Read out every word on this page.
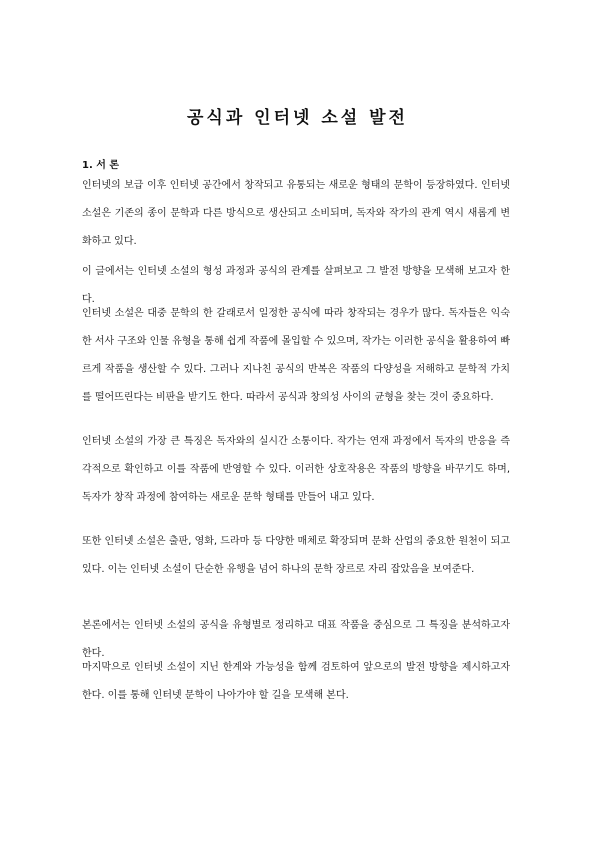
공식과 인터넷 소설 발전
1. 서 론

인터넷의 보급 이후 인터넷 공간에서 창작되고 유통되는 새로운 형태의 문학이 등장하였다. 인터넷 소설은 기존의 종이 문학과 다른 방식으로 생산되고 소비되며, 독자와 작가의 관계 역시 새롭게 변화하고 있다.

이 글에서는 인터넷 소설의 형성 과정과 공식의 관계를 살펴보고 그 발전 방향을 모색해 보고자 한다.

인터넷 소설은 대중 문학의 한 갈래로서 일정한 공식에 따라 창작되는 경우가 많다. 독자들은 익숙한 서사 구조와 인물 유형을 통해 쉽게 작품에 몰입할 수 있으며, 작가는 이러한 공식을 활용하여 빠르게 작품을 생산할 수 있다. 그러나 지나친 공식의 반복은 작품의 다양성을 저해하고 문학적 가치를 떨어뜨린다는 비판을 받기도 한다. 따라서 공식과 창의성 사이의 균형을 찾는 것이 중요하다.

인터넷 소설의 가장 큰 특징은 독자와의 실시간 소통이다. 작가는 연재 과정에서 독자의 반응을 즉각적으로 확인하고 이를 작품에 반영할 수 있다. 이러한 상호작용은 작품의 방향을 바꾸기도 하며, 독자가 창작 과정에 참여하는 새로운 문학 형태를 만들어 내고 있다.

또한 인터넷 소설은 출판, 영화, 드라마 등 다양한 매체로 확장되며 문화 산업의 중요한 원천이 되고 있다. 이는 인터넷 소설이 단순한 유행을 넘어 하나의 문학 장르로 자리 잡았음을 보여준다.

본론에서는 인터넷 소설의 공식을 유형별로 정리하고 대표 작품을 중심으로 그 특징을 분석하고자 한다.

마지막으로 인터넷 소설이 지닌 한계와 가능성을 함께 검토하여 앞으로의 발전 방향을 제시하고자 한다. 이를 통해 인터넷 문학이 나아가야 할 길을 모색해 본다.
